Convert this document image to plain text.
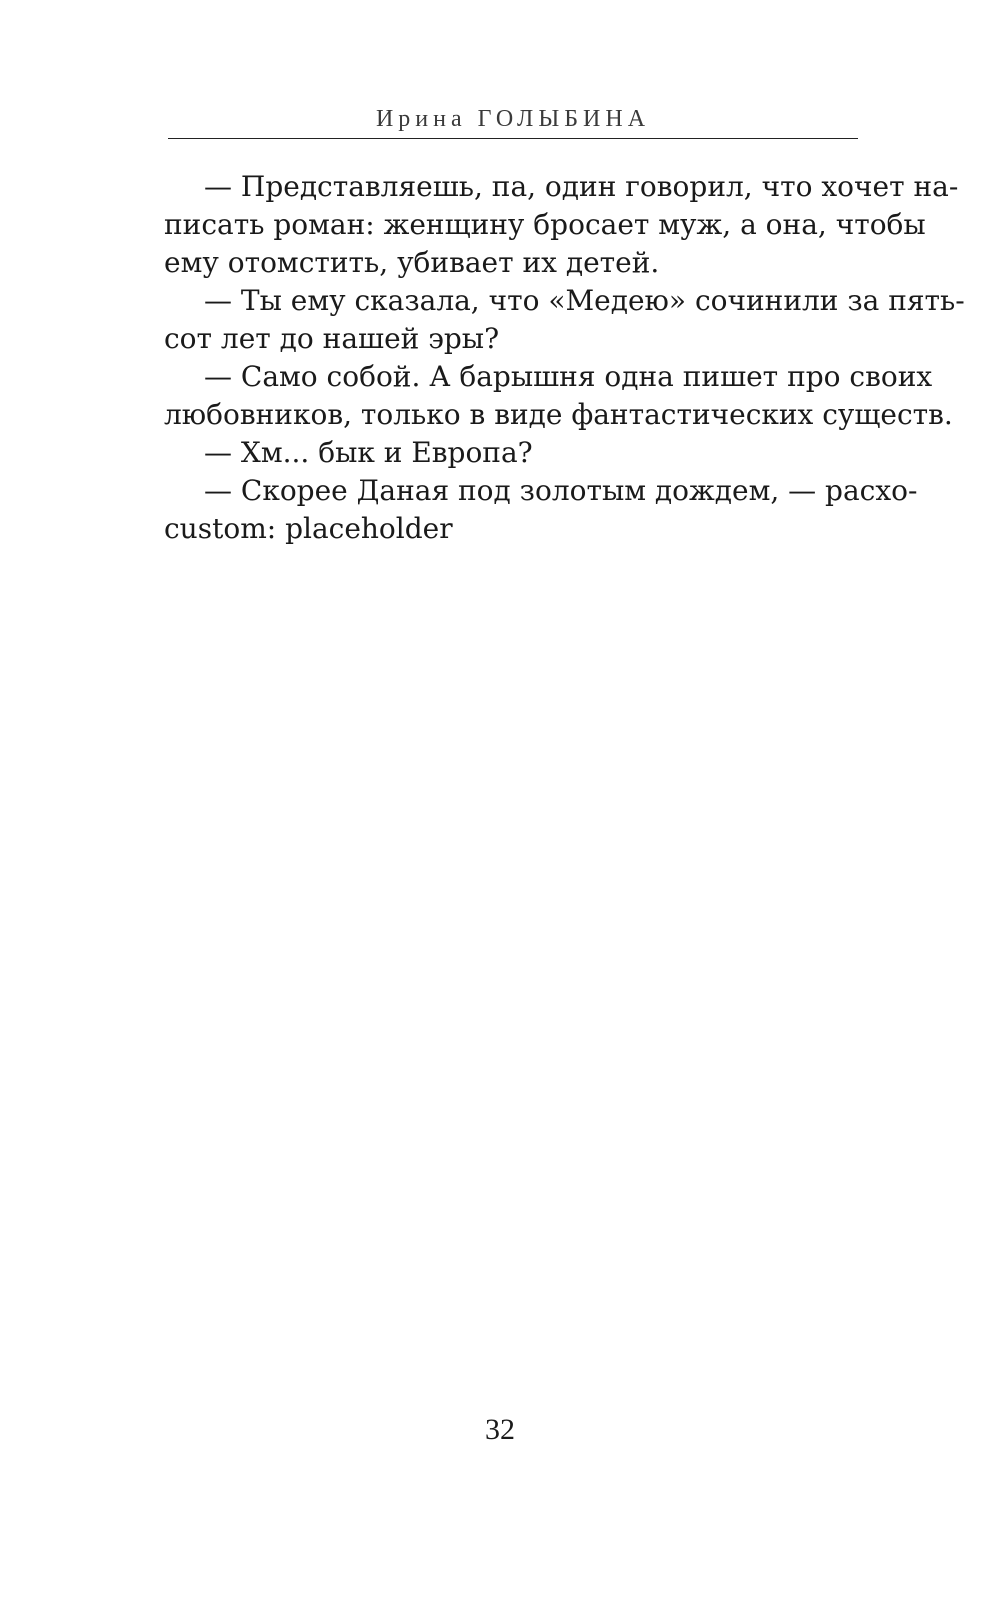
Ирина ГОЛЫБИНА
— Представляешь, па, один говорил, что хочет на-
писать роман: женщину бросает муж, а она, чтобы
ему отомстить, убивает их детей.
— Ты ему сказала, что «Медею» сочинили за пять-
сот лет до нашей эры?
— Само собой. А барышня одна пишет про своих
любовников, только в виде фантастических существ.
— Хм... бык и Европа?
— Скорее Даная под золотым дождем, — расхо-
custom: placeholder
32
